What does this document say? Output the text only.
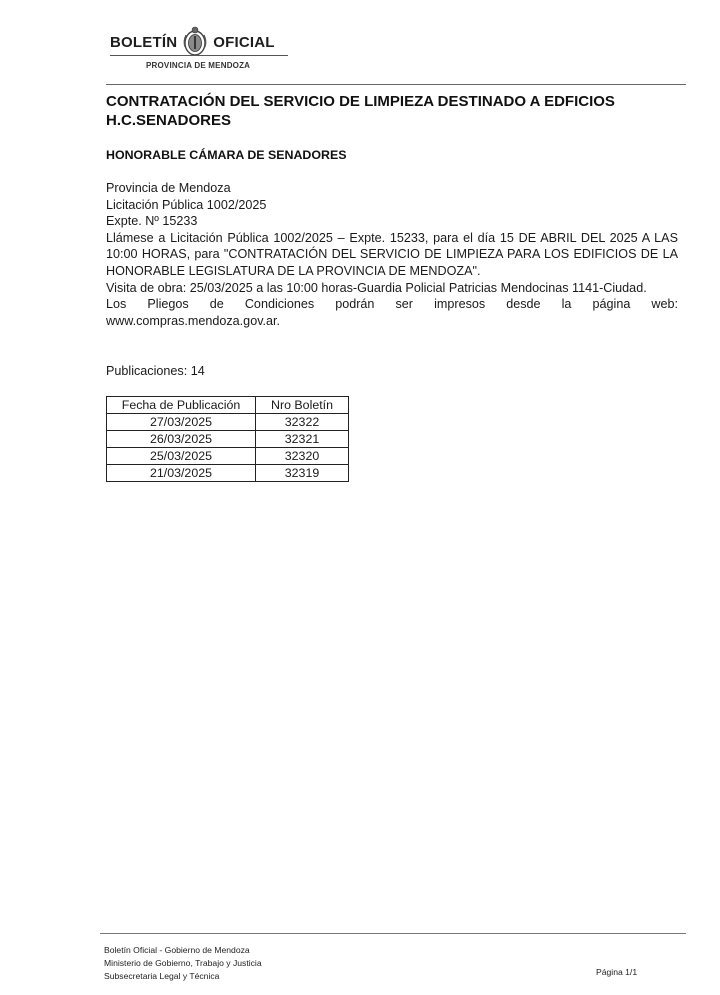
BOLETÍN OFICIAL
PROVINCIA DE MENDOZA
CONTRATACIÓN DEL SERVICIO DE LIMPIEZA DESTINADO A EDFICIOS
H.C.SENADORES
HONORABLE CÁMARA DE SENADORES

Provincia de Mendoza

Licitación Pública 1002/2025

Expte. Nº 15233

Llámese a Licitación Pública 1002/2025 – Expte. 15233, para el día 15 DE ABRIL DEL 2025 A LAS 10:00 HORAS, para "CONTRATACIÓN DEL SERVICIO DE LIMPIEZA PARA LOS EDIFICIOS DE LA HONORABLE LEGISLATURA DE LA PROVINCIA DE MENDOZA".

Visita de obra: 25/03/2025 a las 10:00 horas-Guardia Policial Patricias Mendocinas 1141-Ciudad.

Los Pliegos de Condiciones podrán ser impresos desde la página web:

www.compras.mendoza.gov.ar.

Publicaciones: 14
Fecha de Publicación	Nro Boletín
27/03/2025	32322
26/03/2025	32321
25/03/2025	32320
21/03/2025	32319
Boletín Oficial - Gobierno de Mendoza
Ministerio de Gobierno, Trabajo y Justicia
Subsecretaria Legal y Técnica	Página 1/1
